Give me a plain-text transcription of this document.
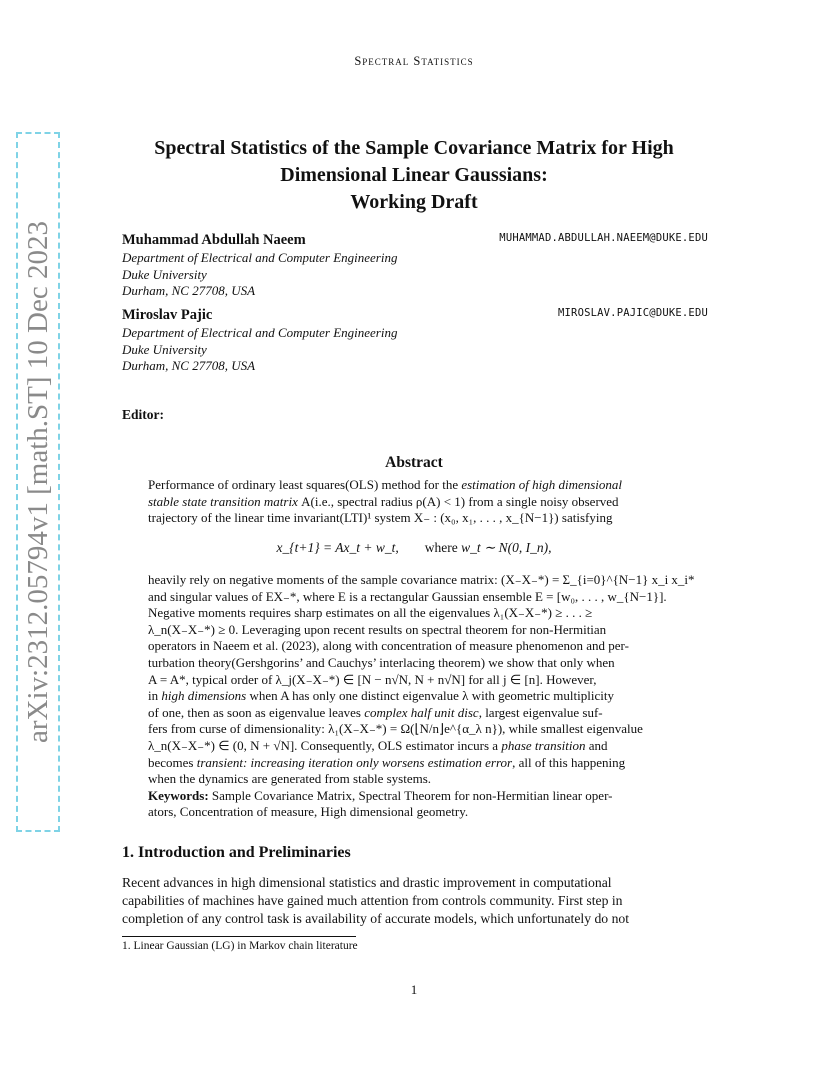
arXiv:2312.05794v1 [math.ST] 10 Dec 2023
Spectral Statistics
Spectral Statistics of the Sample Covariance Matrix for High
Dimensional Linear Gaussians:
Working Draft
Muhammad Abdullah Naeem	MUHAMMAD.ABDULLAH.NAEEM@DUKE.EDU
Department of Electrical and Computer Engineering
Duke University
Durham, NC 27708, USA
Miroslav Pajic	MIROSLAV.PAJIC@DUKE.EDU
Department of Electrical and Computer Engineering
Duke University
Durham, NC 27708, USA
Editor:
Abstract
Performance of ordinary least squares(OLS) method for the estimation of high dimensional
stable state transition matrix A(i.e., spectral radius ρ(A) < 1) from a single noisy observed
trajectory of the linear time invariant(LTI)¹ system X₋ : (x₀, x₁, . . . , x_{N−1}) satisfying
x_{t+1} = Ax_t + w_t, where w_t ∼ N(0, I_n),
heavily rely on negative moments of the sample covariance matrix: (X₋X₋*) = Σ_{i=0}^{N−1} x_i x_i*
and singular values of EX₋*, where E is a rectangular Gaussian ensemble E = [w₀, . . . , w_{N−1}].
Negative moments requires sharp estimates on all the eigenvalues λ₁(X₋X₋*) ≥ . . . ≥
λ_n(X₋X₋*) ≥ 0. Leveraging upon recent results on spectral theorem for non-Hermitian
operators in Naeem et al. (2023), along with concentration of measure phenomenon and per-
turbation theory(Gershgorins’ and Cauchys’ interlacing theorem) we show that only when
A = A*, typical order of λ_j(X₋X₋*) ∈ [N − n√N, N + n√N] for all j ∈ [n]. However,
in high dimensions when A has only one distinct eigenvalue λ with geometric multiplicity
of one, then as soon as eigenvalue leaves complex half unit disc, largest eigenvalue suf-
fers from curse of dimensionality: λ₁(X₋X₋*) = Ω(⌊N/n⌋e^{α_λ n}), while smallest eigenvalue
λ_n(X₋X₋*) ∈ (0, N + √N]. Consequently, OLS estimator incurs a phase transition and
becomes transient: increasing iteration only worsens estimation error, all of this happening
when the dynamics are generated from stable systems.
Keywords: Sample Covariance Matrix, Spectral Theorem for non-Hermitian linear oper-
ators, Concentration of measure, High dimensional geometry.
1. Introduction and Preliminaries
Recent advances in high dimensional statistics and drastic improvement in computational
capabilities of machines have gained much attention from controls community. First step in
completion of any control task is availability of accurate models, which unfortunately do not
1. Linear Gaussian (LG) in Markov chain literature
1
